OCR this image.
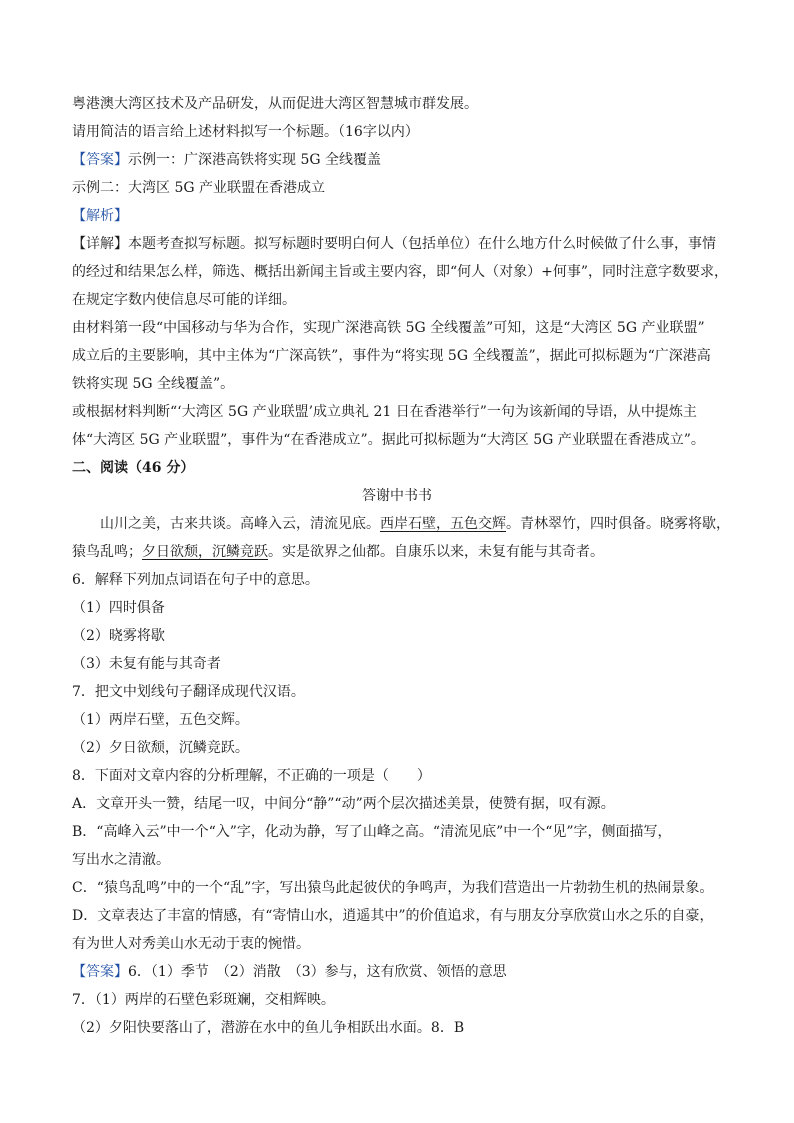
粤港澳大湾区技术及产品研发，从而促进大湾区智慧城市群发展。
请用简洁的语言给上述材料拟写一个标题。（16字以内）
【答案】示例一：广深港高铁将实现 5G 全线覆盖
示例二：大湾区 5G 产业联盟在香港成立
【解析】
【详解】本题考查拟写标题。拟写标题时要明白何人（包括单位）在什么地方什么时候做了什么事，事情
的经过和结果怎么样，筛选、概括出新闻主旨或主要内容，即“何人（对象）+何事”，同时注意字数要求，
在规定字数内使信息尽可能的详细。
由材料第一段“中国移动与华为合作，实现广深港高铁 5G 全线覆盖”可知，这是“大湾区 5G 产业联盟”
成立后的主要影响，其中主体为“广深高铁”，事件为“将实现 5G 全线覆盖”，据此可拟标题为“广深港高
铁将实现 5G 全线覆盖”。
或根据材料判断“‘大湾区 5G 产业联盟’成立典礼 21 日在香港举行”一句为该新闻的导语，从中提炼主
体“大湾区 5G 产业联盟”，事件为“在香港成立”。据此可拟标题为“大湾区 5G 产业联盟在香港成立”。
二、阅读（46 分）
答谢中书书
山川之美，古来共谈。高峰入云，清流见底。西岸石壁，五色交辉。青林翠竹，四时俱备。晓雾将歇，
猿鸟乱鸣；夕日欲颓，沉鳞竞跃。实是欲界之仙都。自康乐以来，未复有能与其奇者。
6．解释下列加点词语在句子中的意思。
（1）四时俱备
（2）晓雾将歇
（3）未复有能与其奇者
7．把文中划线句子翻译成现代汉语。
（1）两岸石壁，五色交辉。
（2）夕日欲颓，沉鳞竞跃。
8．下面对文章内容的分析理解，不正确的一项是（　　）
A．文章开头一赞，结尾一叹，中间分“静”“动”两个层次描述美景，使赞有据，叹有源。
B．“高峰入云”中一个“入”字，化动为静，写了山峰之高。“清流见底”中一个“见”字，侧面描写，
写出水之清澈。
C．“猿鸟乱鸣”中的一个“乱”字，写出猿鸟此起彼伏的争鸣声，为我们营造出一片勃勃生机的热闹景象。
D．文章表达了丰富的情感，有“寄情山水，逍遥其中”的价值追求，有与朋友分享欣赏山水之乐的自豪，
有为世人对秀美山水无动于衷的惋惜。
【答案】6．（1）季节　（2）消散　（3）参与，这有欣赏、领悟的意思
7．（1）两岸的石壁色彩斑斓，交相辉映。
（2）夕阳快要落山了，潜游在水中的鱼儿争相跃出水面。8．B
